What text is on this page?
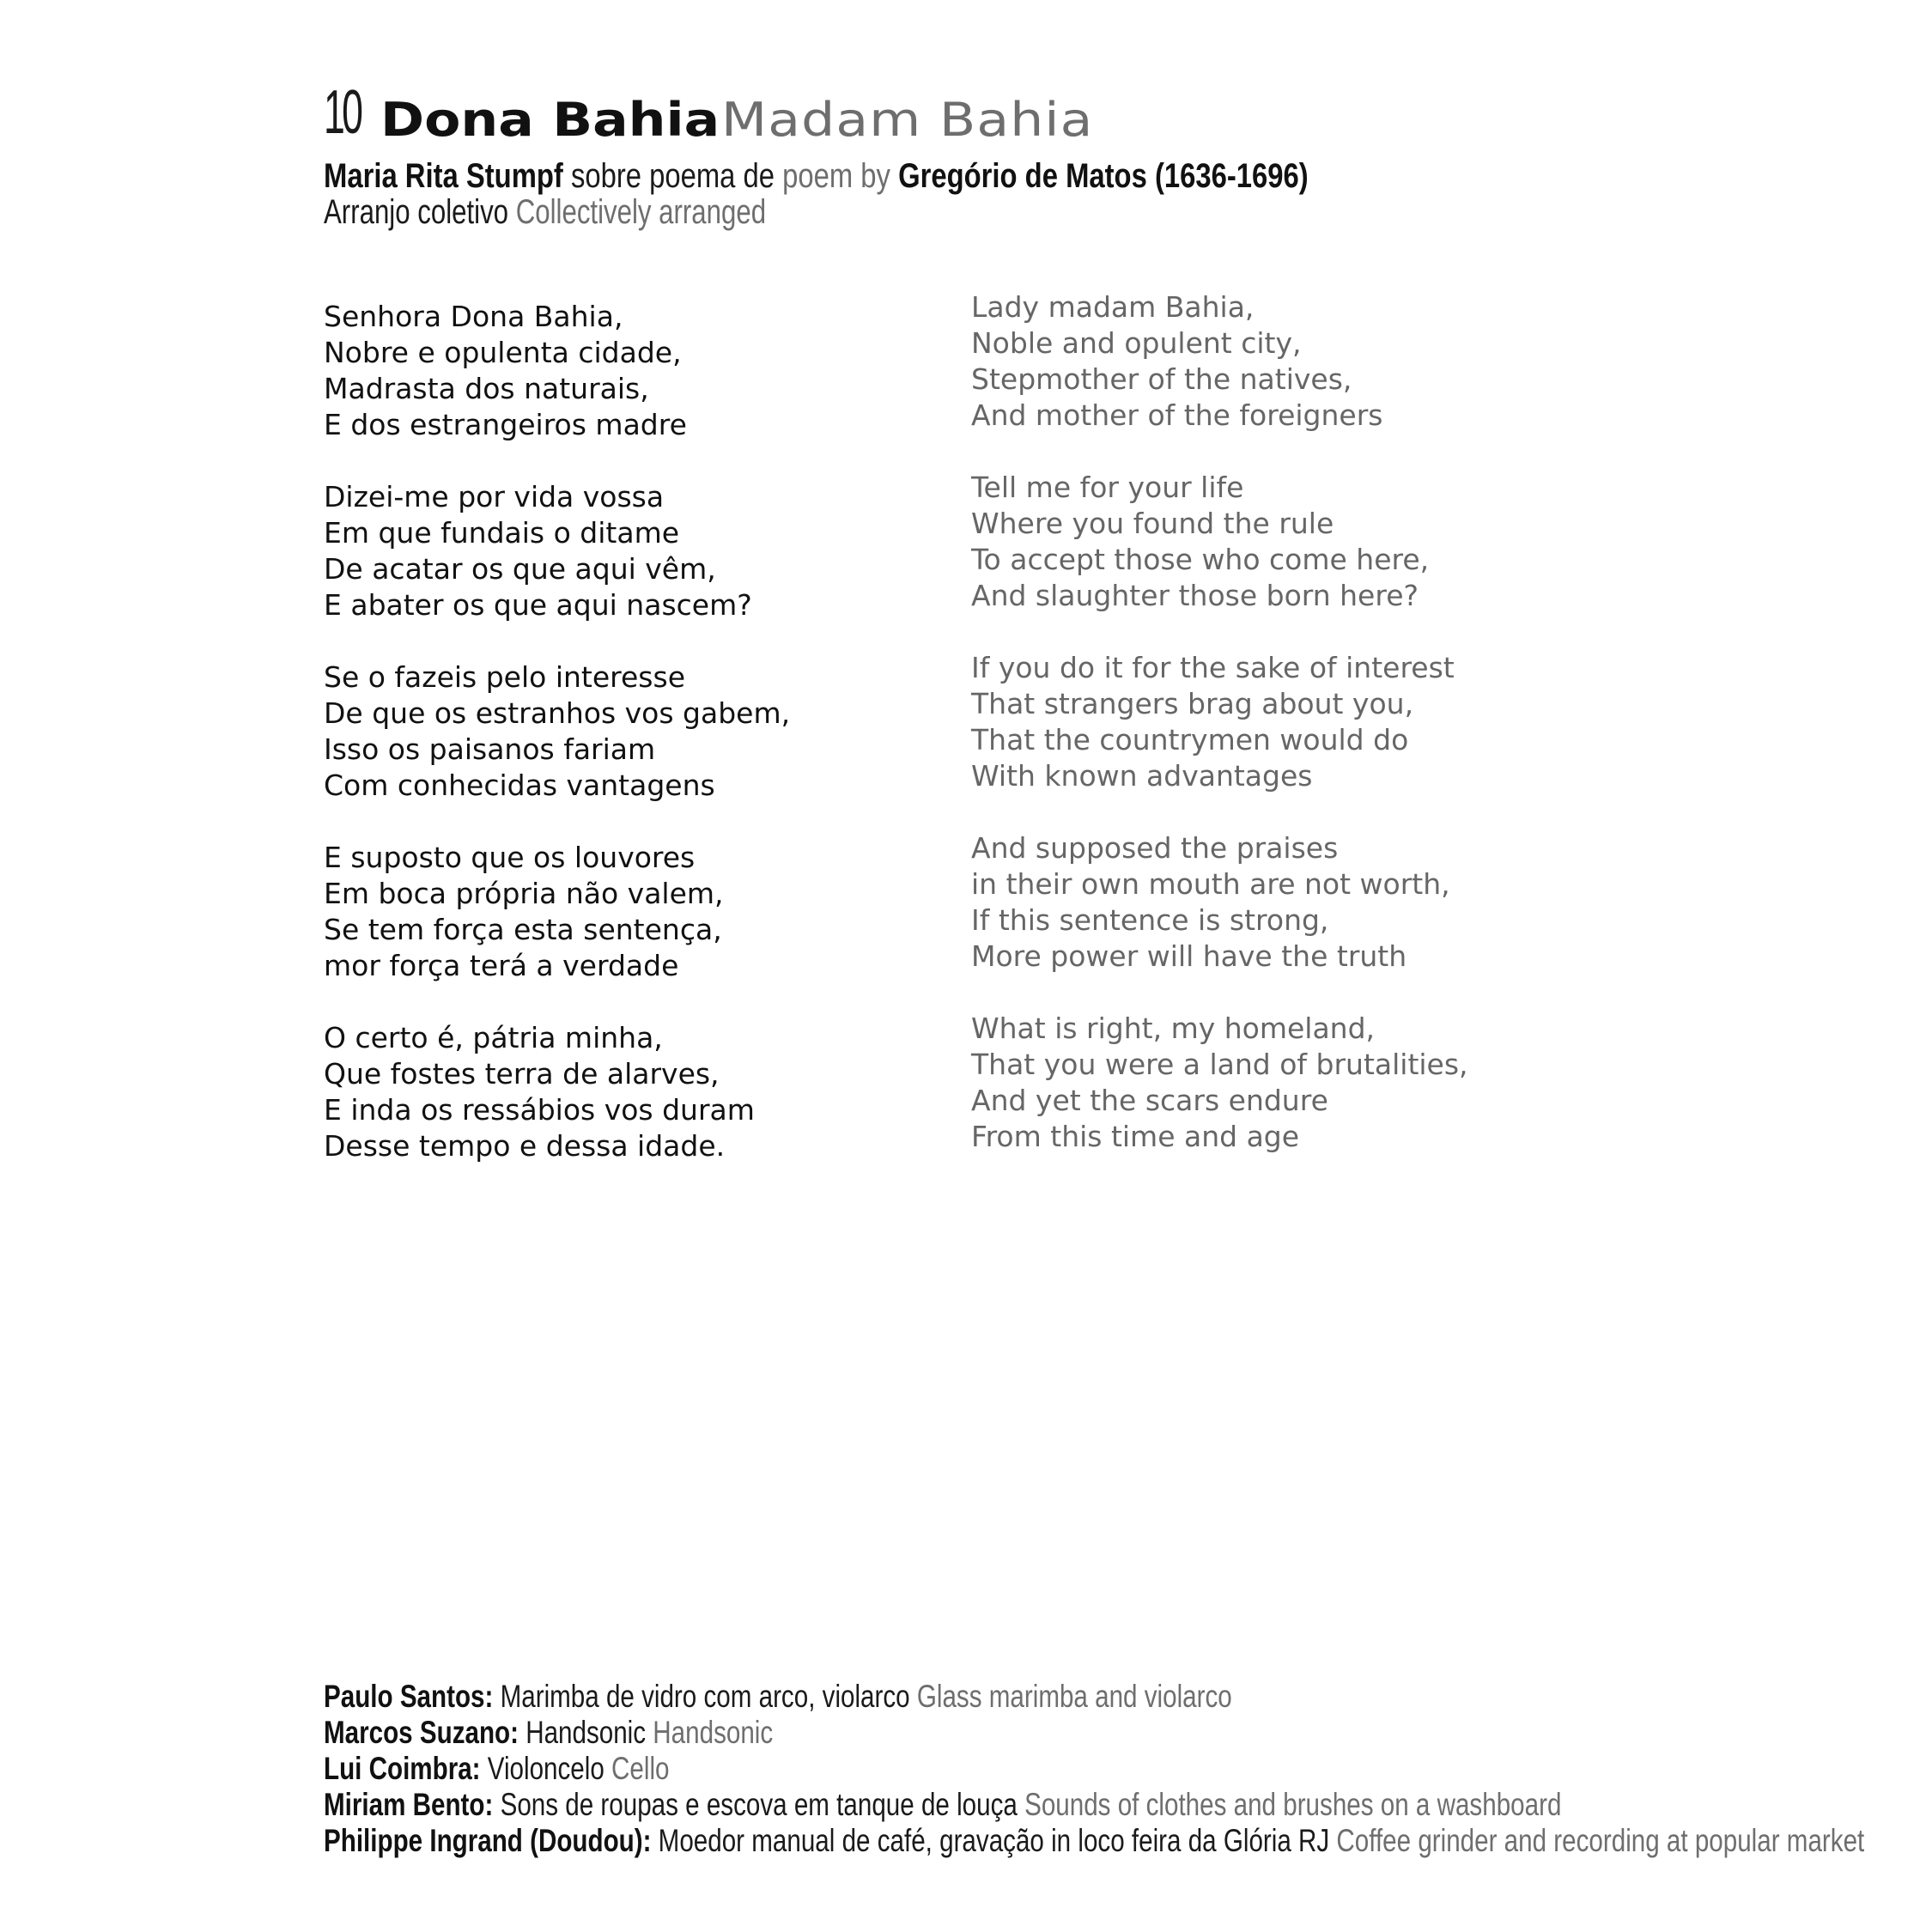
10 Dona BahiaMadam Bahia
Maria Rita Stumpf sobre poema de poem by Gregório de Matos (1636-1696)
Arranjo coletivo Collectively arranged
Senhora Dona Bahia,
Nobre e opulenta cidade,
Madrasta dos naturais,
E dos estrangeiros madre
Dizei-me por vida vossa
Em que fundais o ditame
De acatar os que aqui vêm,
E abater os que aqui nascem?
Se o fazeis pelo interesse
De que os estranhos vos gabem,
Isso os paisanos fariam
Com conhecidas vantagens
E suposto que os louvores
Em boca própria não valem,
Se tem força esta sentença,
mor força terá a verdade
O certo é, pátria minha,
Que fostes terra de alarves,
E inda os ressábios vos duram
Desse tempo e dessa idade.
Lady madam Bahia,
Noble and opulent city,
Stepmother of the natives,
And mother of the foreigners
Tell me for your life
Where you found the rule
To accept those who come here,
And slaughter those born here?
If you do it for the sake of interest
That strangers brag about you,
That the countrymen would do
With known advantages
And supposed the praises
in their own mouth are not worth,
If this sentence is strong,
More power will have the truth
What is right, my homeland,
That you were a land of brutalities,
And yet the scars endure
From this time and age
Paulo Santos: Marimba de vidro com arco, violarco Glass marimba and violarco
Marcos Suzano: Handsonic Handsonic
Lui Coimbra: Violoncelo Cello
Miriam Bento: Sons de roupas e escova em tanque de louça Sounds of clothes and brushes on a washboard
Philippe Ingrand (Doudou): Moedor manual de café, gravação in loco feira da Glória RJ Coffee grinder and recording at popular market
